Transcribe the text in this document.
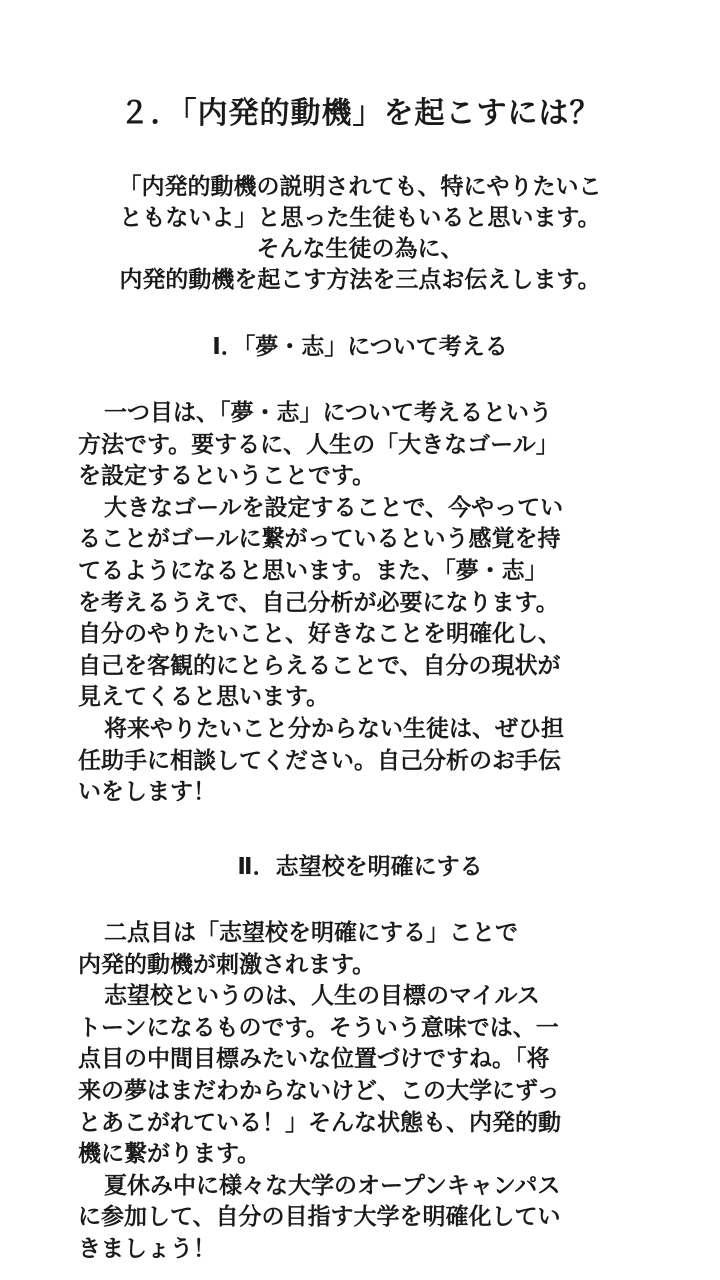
２．「内発的動機」を起こすには？
「内発的動機の説明されても、特にやりたいこ
ともないよ」と思った生徒もいると思います。
そんな生徒の為に、
内発的動機を起こす方法を三点お伝えします。
Ⅰ．「夢・志」について考える
一つ目は、「夢・志」について考えるという
方法です。要するに、人生の「大きなゴール」
を設定するということです。
大きなゴールを設定することで、今やってい
ることがゴールに繋がっているという感覚を持
てるようになると思います。また、「夢・志」
を考えるうえで、自己分析が必要になります。
自分のやりたいこと、好きなことを明確化し、
自己を客観的にとらえることで、自分の現状が
見えてくると思います。
将来やりたいこと分からない生徒は、ぜひ担
任助手に相談してください。自己分析のお手伝
いをします！
Ⅱ．志望校を明確にする
二点目は「志望校を明確にする」ことで
内発的動機が刺激されます。
志望校というのは、人生の目標のマイルス
トーンになるものです。そういう意味では、一
点目の中間目標みたいな位置づけですね。「将
来の夢はまだわからないけど、この大学にずっ
とあこがれている！」そんな状態も、内発的動
機に繋がります。
夏休み中に様々な大学のオープンキャンパス
に参加して、自分の目指す大学を明確化してい
きましょう！
